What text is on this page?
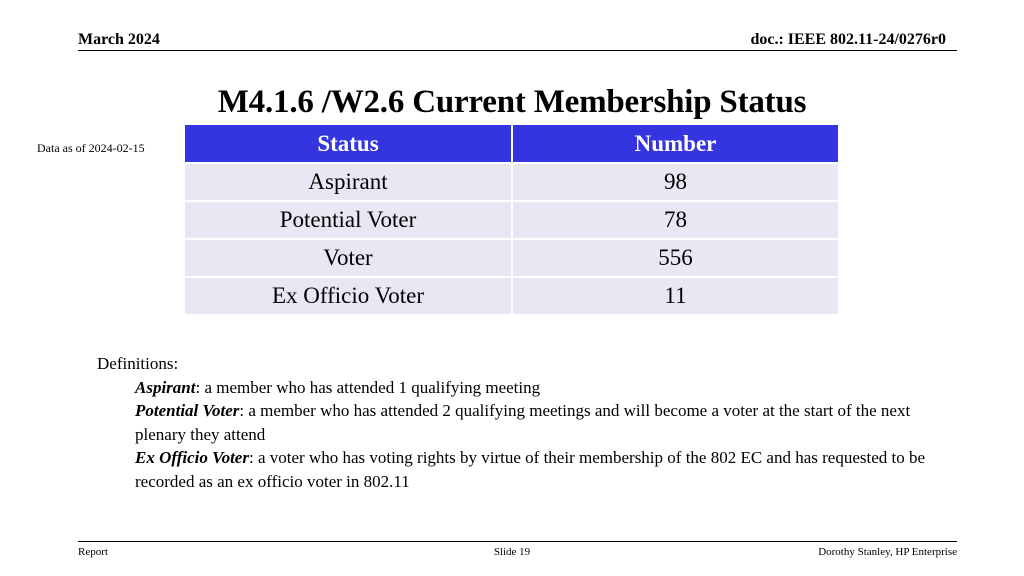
March 2024	doc.: IEEE 802.11-24/0276r0
M4.1.6 /W2.6 Current Membership Status
Data as of 2024-02-15	Status	Number
Aspirant	98
Potential Voter	78
Voter	556
Ex Officio Voter	11
Definitions:
Aspirant: a member who has attended 1 qualifying meeting
Potential Voter: a member who has attended 2 qualifying meetings and will become a voter at the start of the next plenary they attend
Ex Officio Voter: a voter who has voting rights by virtue of their membership of the 802 EC and has requested to be recorded as an ex officio voter in 802.11
Report	Slide 19	Dorothy Stanley, HP Enterprise
